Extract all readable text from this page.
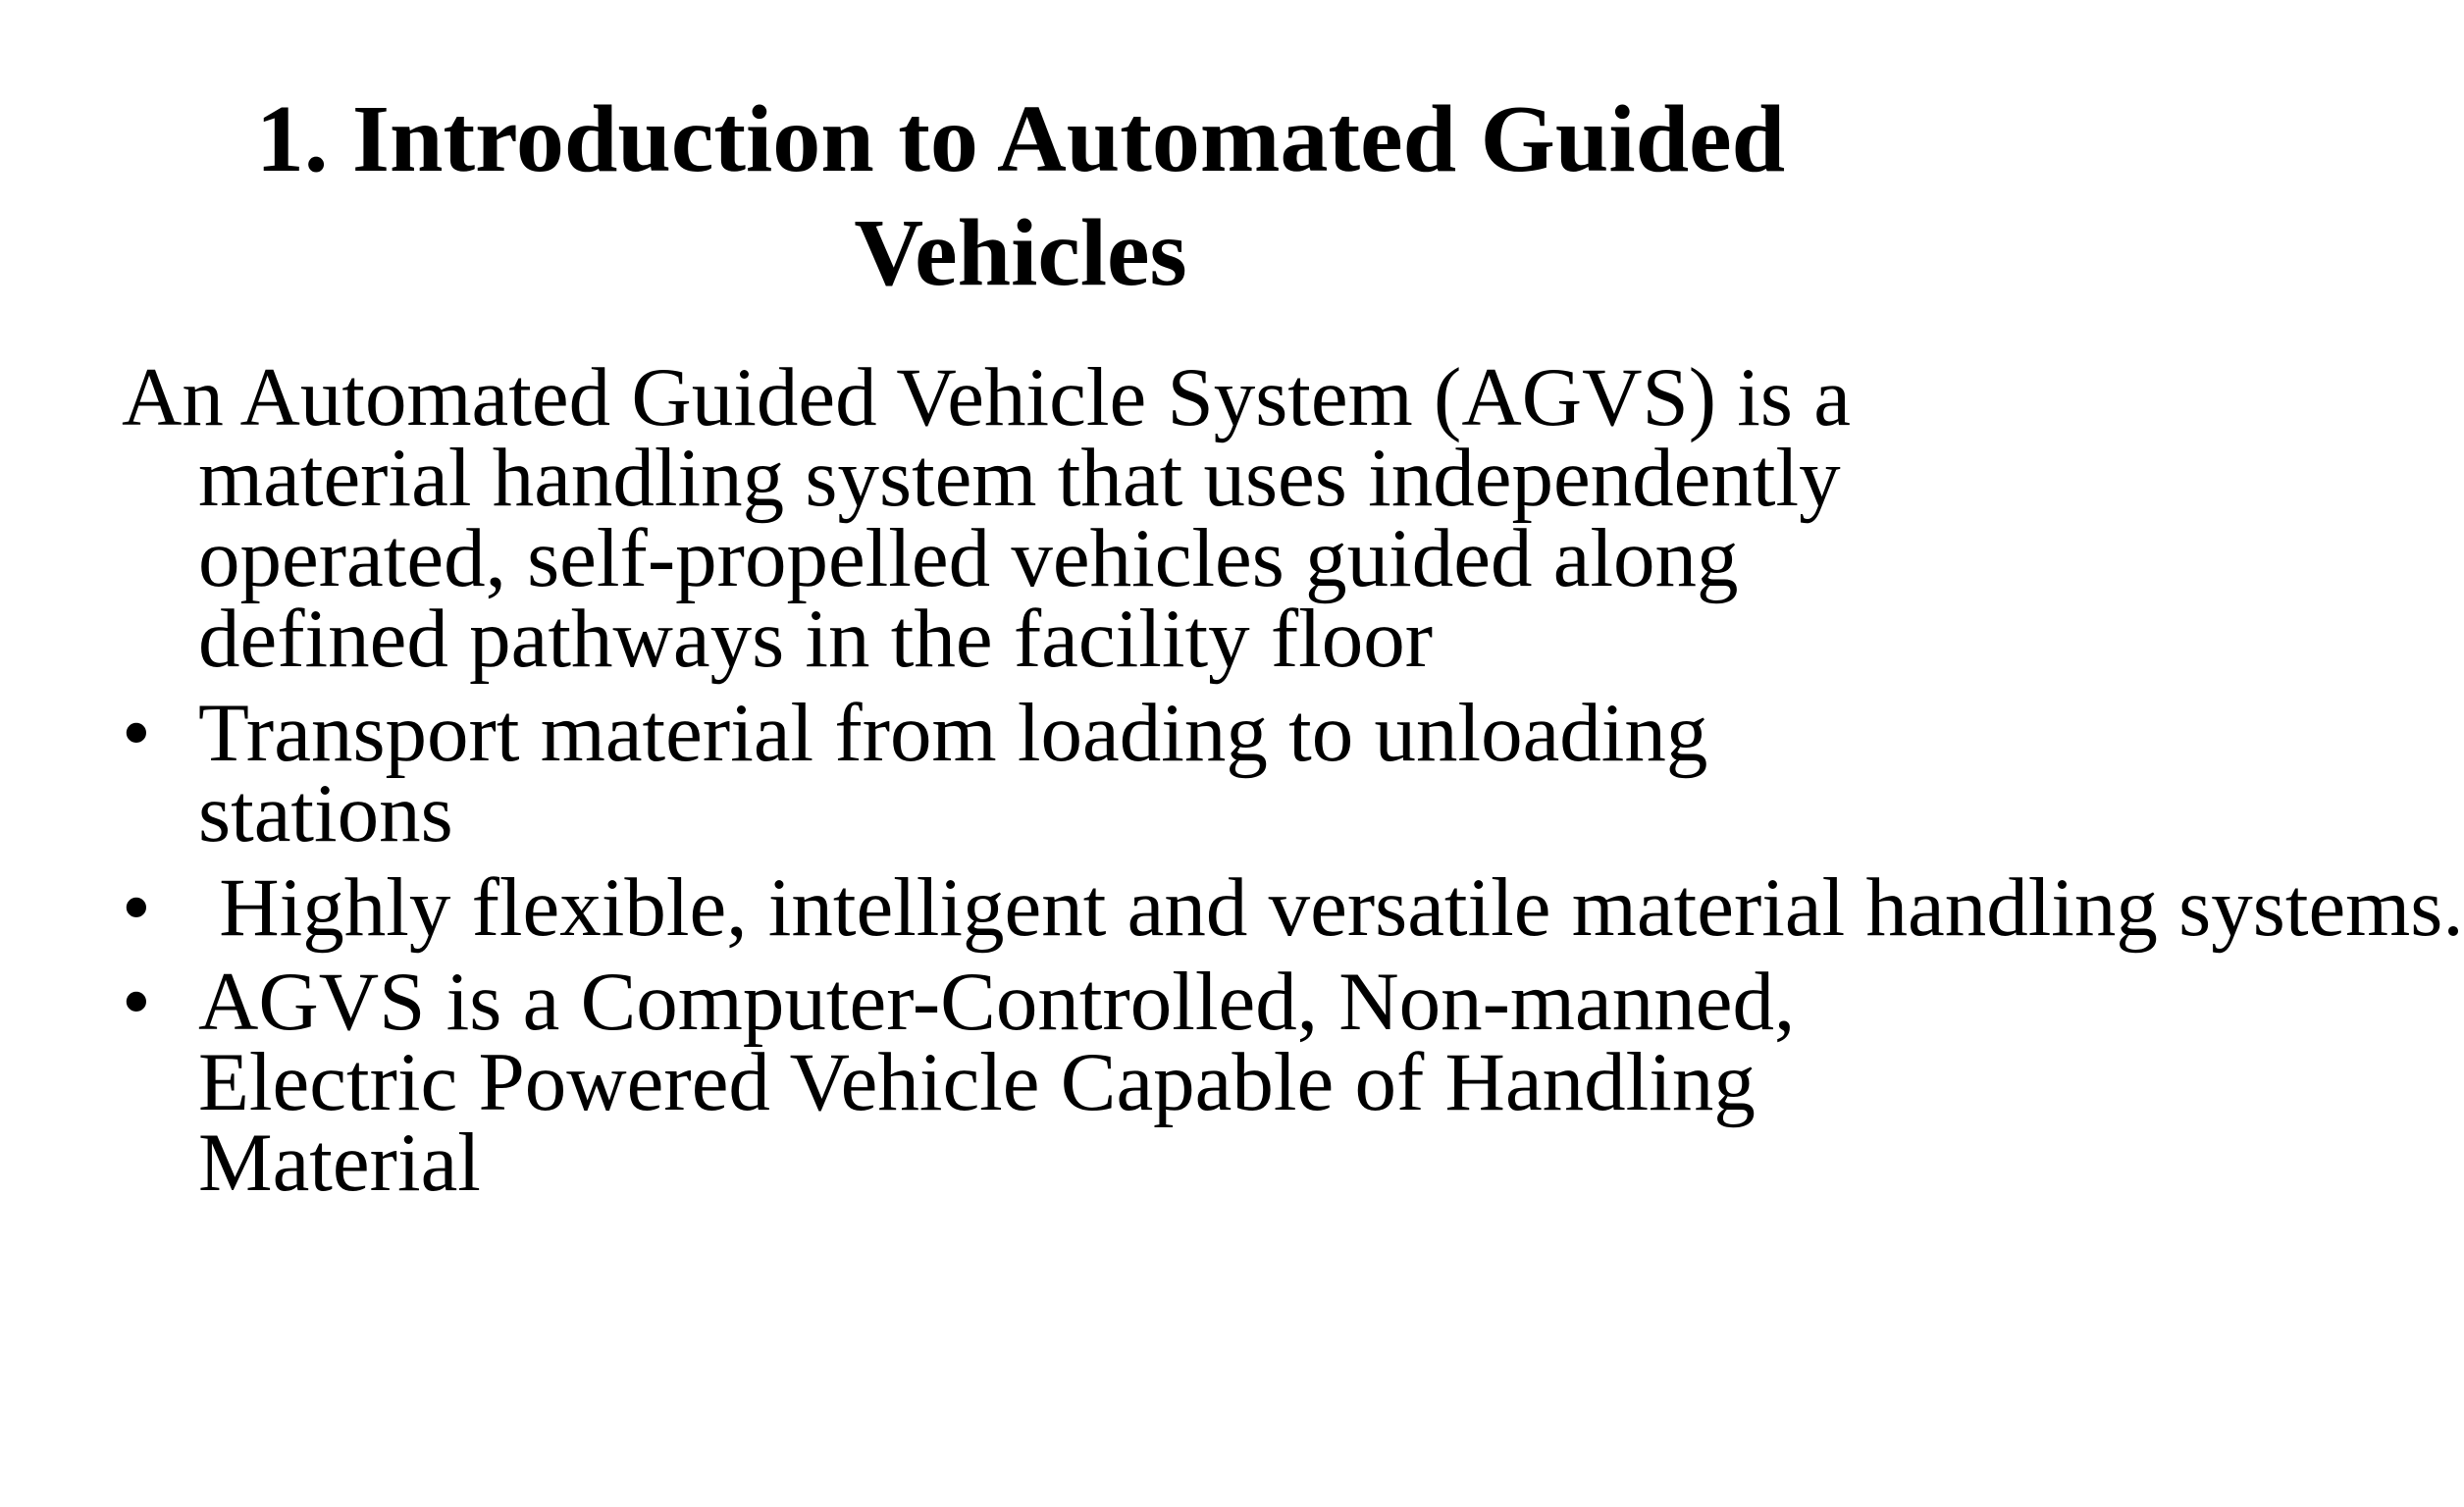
1. Introduction to Automated Guided Vehicles
An Automated Guided Vehicle System (AGVS) is a material handling system that uses independently operated, self-propelled vehicles guided along defined pathways in the facility floor
• Transport material from loading to unloading stations
• Highly flexible, intelligent and versatile material handling systems.
• AGVS is a Computer-Controlled, Non-manned, Electric Powered Vehicle Capable of Handling Material
